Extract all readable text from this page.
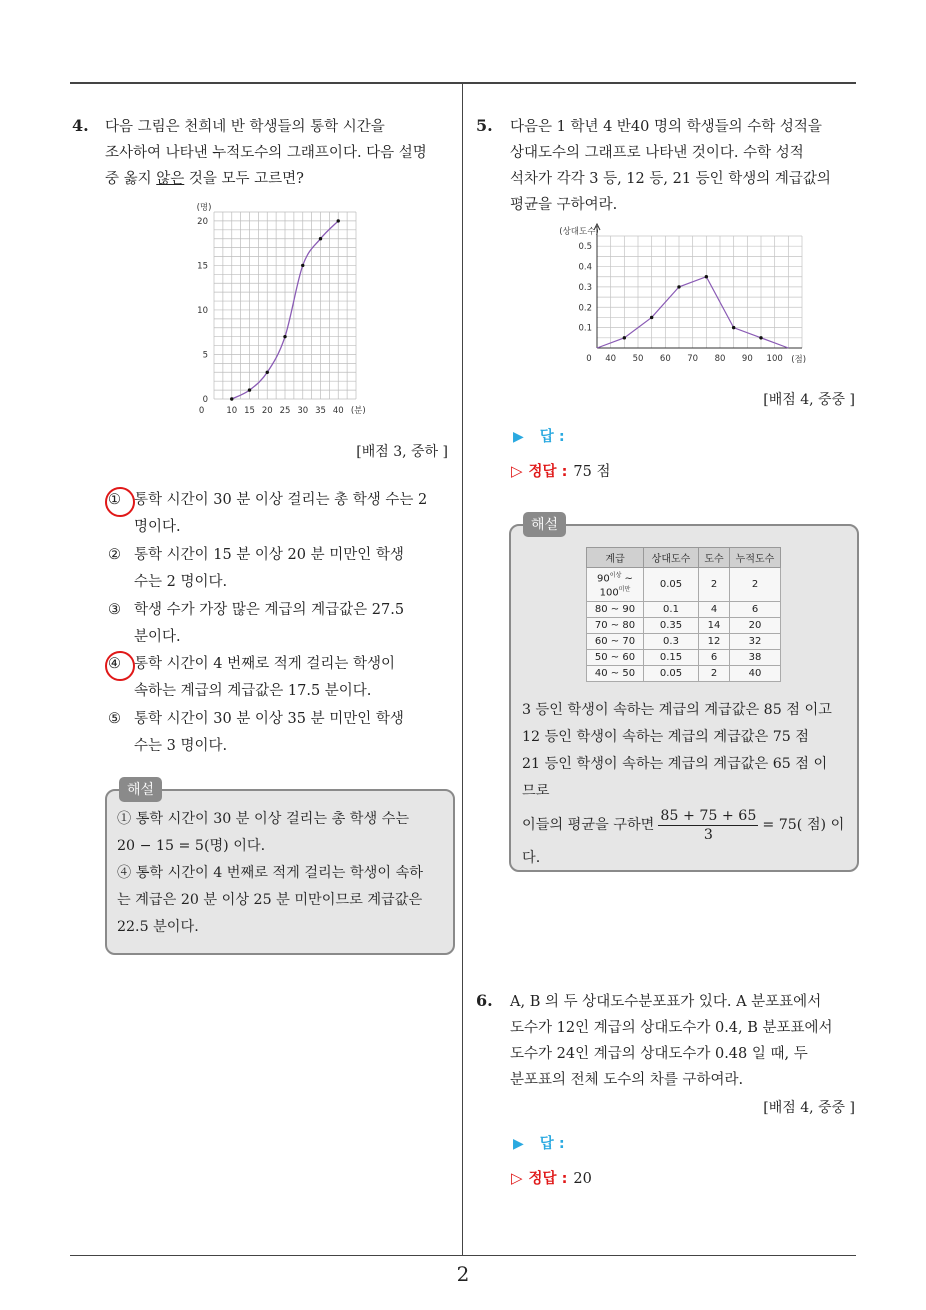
2
4. 다음 그림은 천희네 반 학생들의 통학 시간을
조사하여 나타낸 누적도수의 그래프이다. 다음 설명
중 옳지 않은 것을 모두 고르면?
0
5
10
15
20
0	10 15 20 25 30 35 40 (분)
(명)
[배점 3, 중하 ]
① 통학 시간이 30 분 이상 걸리는 총 학생 수는 2
명이다.
② 통학 시간이 15 분 이상 20 분 미만인 학생
수는 2 명이다.
③ 학생 수가 가장 많은 계급의 계급값은 27.5
분이다.
④ 통학 시간이 4 번째로 적게 걸리는 학생이
속하는 계급의 계급값은 17.5 분이다.
⑤ 통학 시간이 30 분 이상 35 분 미만인 학생
수는 3 명이다.
해설
① 통학 시간이 30 분 이상 걸리는 총 학생 수는
20 − 15 = 5(명) 이다.
④ 통학 시간이 4 번째로 적게 걸리는 학생이 속하
는 계급은 20 분 이상 25 분 미만이므로 계급값은
22.5 분이다.
5. 다음은 1 학년 4 반40 명의 학생들의 수학 성적을
상대도수의 그래프로 나타낸 것이다. 수학 성적
석차가 각각 3 등, 12 등, 21 등인 학생의 계급값의
평균을 구하여라.
0.1
0.2
0.3
0.4
0.5
0 40 50 60 70 80 90 100 (점)
(상대도수)
[배점 4, 중중 ]
▶ 답 :
▷ 정답 : 75 점
해설
계급	상대도수	도수	누적도수
$90^{이상}$ ~ $100^{미만}$	0.05	2	2
80 ~ 90	0.1	4	6
70 ~ 80	0.35	14	20
60 ~ 70	0.3	12	32
50 ~ 60	0.15	6	38
40 ~ 50	0.05	2	40
3 등인 학생이 속하는 계급의 계급값은 85 점 이고
12 등인 학생이 속하는 계급의 계급값은 75 점
21 등인 학생이 속하는 계급의 계급값은 65 점 이
므로
이들의 평균을 구하면 $\frac{85 + 75 + 65}{3} = 75$( 점) 이
다.
6. A, B 의 두 상대도수분포표가 있다. A 분포표에서
도수가 12인 계급의 상대도수가 0.4, B 분포표에서
도수가 24인 계급의 상대도수가 0.48 일 때, 두
분포표의 전체 도수의 차를 구하여라.
[배점 4, 중중 ]
▶ 답 :
▷ 정답 : 20
